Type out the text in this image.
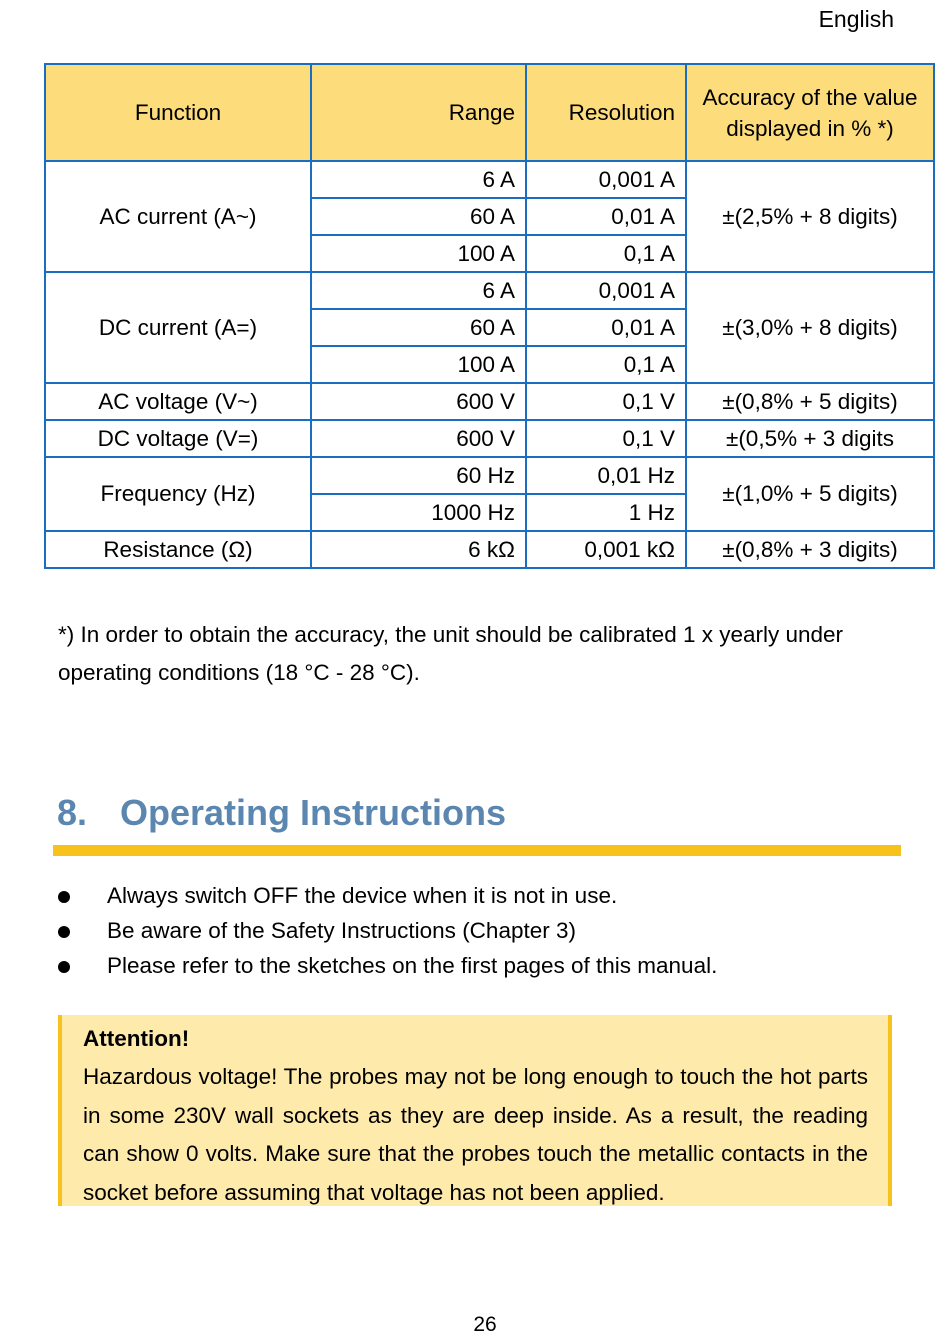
English
Function	Range	Resolution	Accuracy of the value displayed in % *)
AC current (A~)	6 A	0,001 A	±(2,5% + 8 digits)
	60 A	0,01 A	
	100 A	0,1 A	
DC current (A=)	6 A	0,001 A	±(3,0% + 8 digits)
	60 A	0,01 A	
	100 A	0,1 A	
AC voltage (V~)	600 V	0,1 V	±(0,8% + 5 digits)
DC voltage (V=)	600 V	0,1 V	±(0,5% + 3 digits
Frequency (Hz)	60 Hz	0,01 Hz	±(1,0% + 5 digits)
	1000 Hz	1 Hz	
Resistance (Ω)	6 kΩ	0,001 kΩ	±(0,8% + 3 digits)
*) In order to obtain the accuracy, the unit should be calibrated 1 x yearly under operating conditions (18 °C - 28 °C).
8. Operating Instructions
Always switch OFF the device when it is not in use.
Be aware of the Safety Instructions (Chapter 3)
Please refer to the sketches on the first pages of this manual.
Attention!
Hazardous voltage! The probes may not be long enough to touch the hot parts in some 230V wall sockets as they are deep inside. As a result, the reading can show 0 volts. Make sure that the probes touch the metallic contacts in the socket before assuming that voltage has not been applied.
26
